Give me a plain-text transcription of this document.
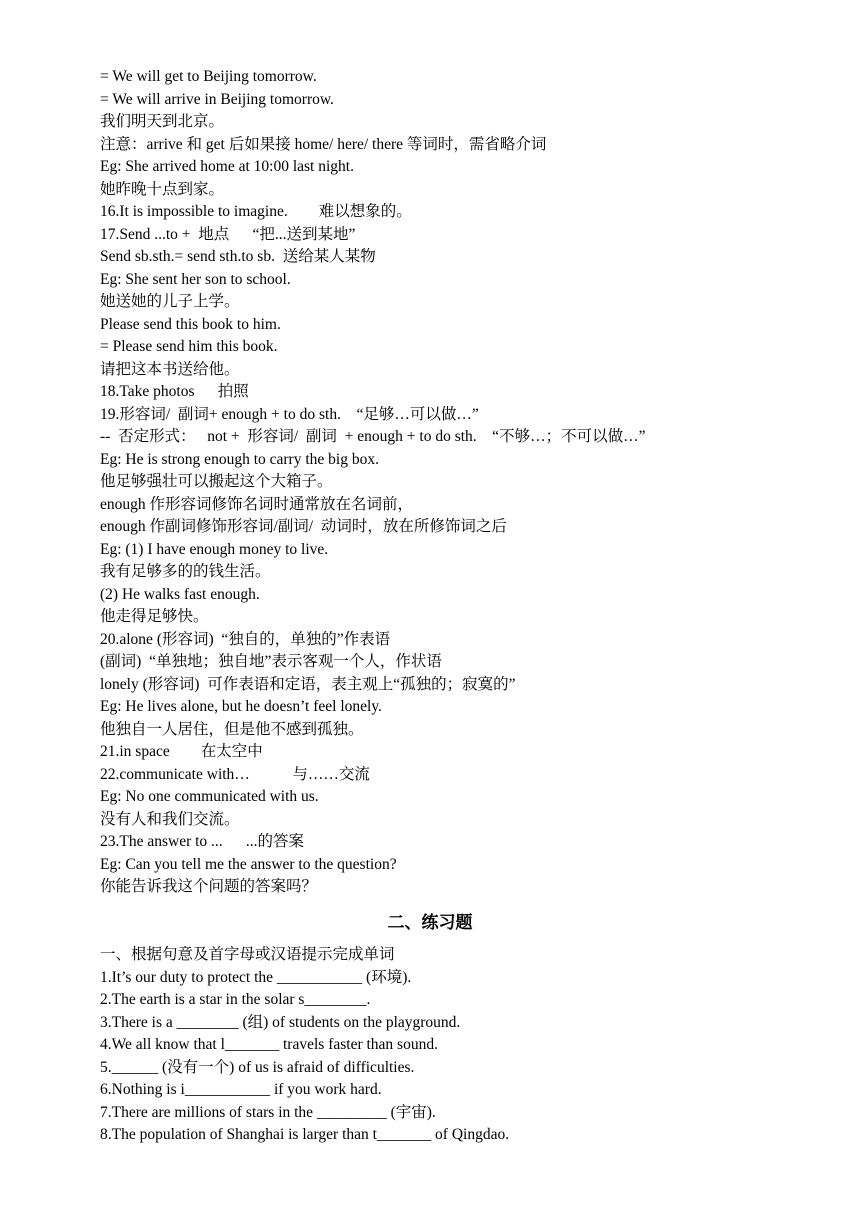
= We will get to Beijing tomorrow.
= We will arrive in Beijing tomorrow.
我们明天到北京。
注意：arrive 和 get 后如果接 home/ here/ there 等词时，需省略介词
Eg: She arrived home at 10:00 last night.
她昨晚十点到家。
16.It is impossible to imagine.        难以想象的。
17.Send ...to +  地点      “把...送到某地”
Send sb.sth.= send sth.to sb.  送给某人某物
Eg: She sent her son to school.
她送她的儿子上学。
Please send this book to him.
= Please send him this book.
请把这本书送给他。
18.Take photos      拍照
19.形容词/  副词+ enough + to do sth.    “足够…可以做…”
--  否定形式：   not +  形容词/  副词  + enough + to do sth.    “不够…；不可以做…”
Eg: He is strong enough to carry the big box.
他足够强壮可以搬起这个大箱子。
enough 作形容词修饰名词时通常放在名词前，
enough 作副词修饰形容词/副词/  动词时，放在所修饰词之后
Eg: (1) I have enough money to live.
我有足够多的的钱生活。
(2) He walks fast enough.
他走得足够快。
20.alone (形容词)  “独自的，单独的”作表语
(副词)  “单独地；独自地”表示客观一个人，作状语
lonely (形容词)  可作表语和定语，表主观上“孤独的；寂寞的”
Eg: He lives alone, but he doesn’t feel lonely.
他独自一人居住，但是他不感到孤独。
21.in space        在太空中
22.communicate with…           与……交流
Eg: No one communicated with us.
没有人和我们交流。
23.The answer to ...      ...的答案
Eg: Can you tell me the answer to the question?
你能告诉我这个问题的答案吗？
二、练习题
一、根据句意及首字母或汉语提示完成单词
1.It’s our duty to protect the ___________ (环境).
2.The earth is a star in the solar s________.
3.There is a ________ (组) of students on the playground.
4.We all know that l_______ travels faster than sound.
5.______ (没有一个) of us is afraid of difficulties.
6.Nothing is i___________ if you work hard.
7.There are millions of stars in the _________ (宇宙).
8.The population of Shanghai is larger than t_______ of Qingdao.
